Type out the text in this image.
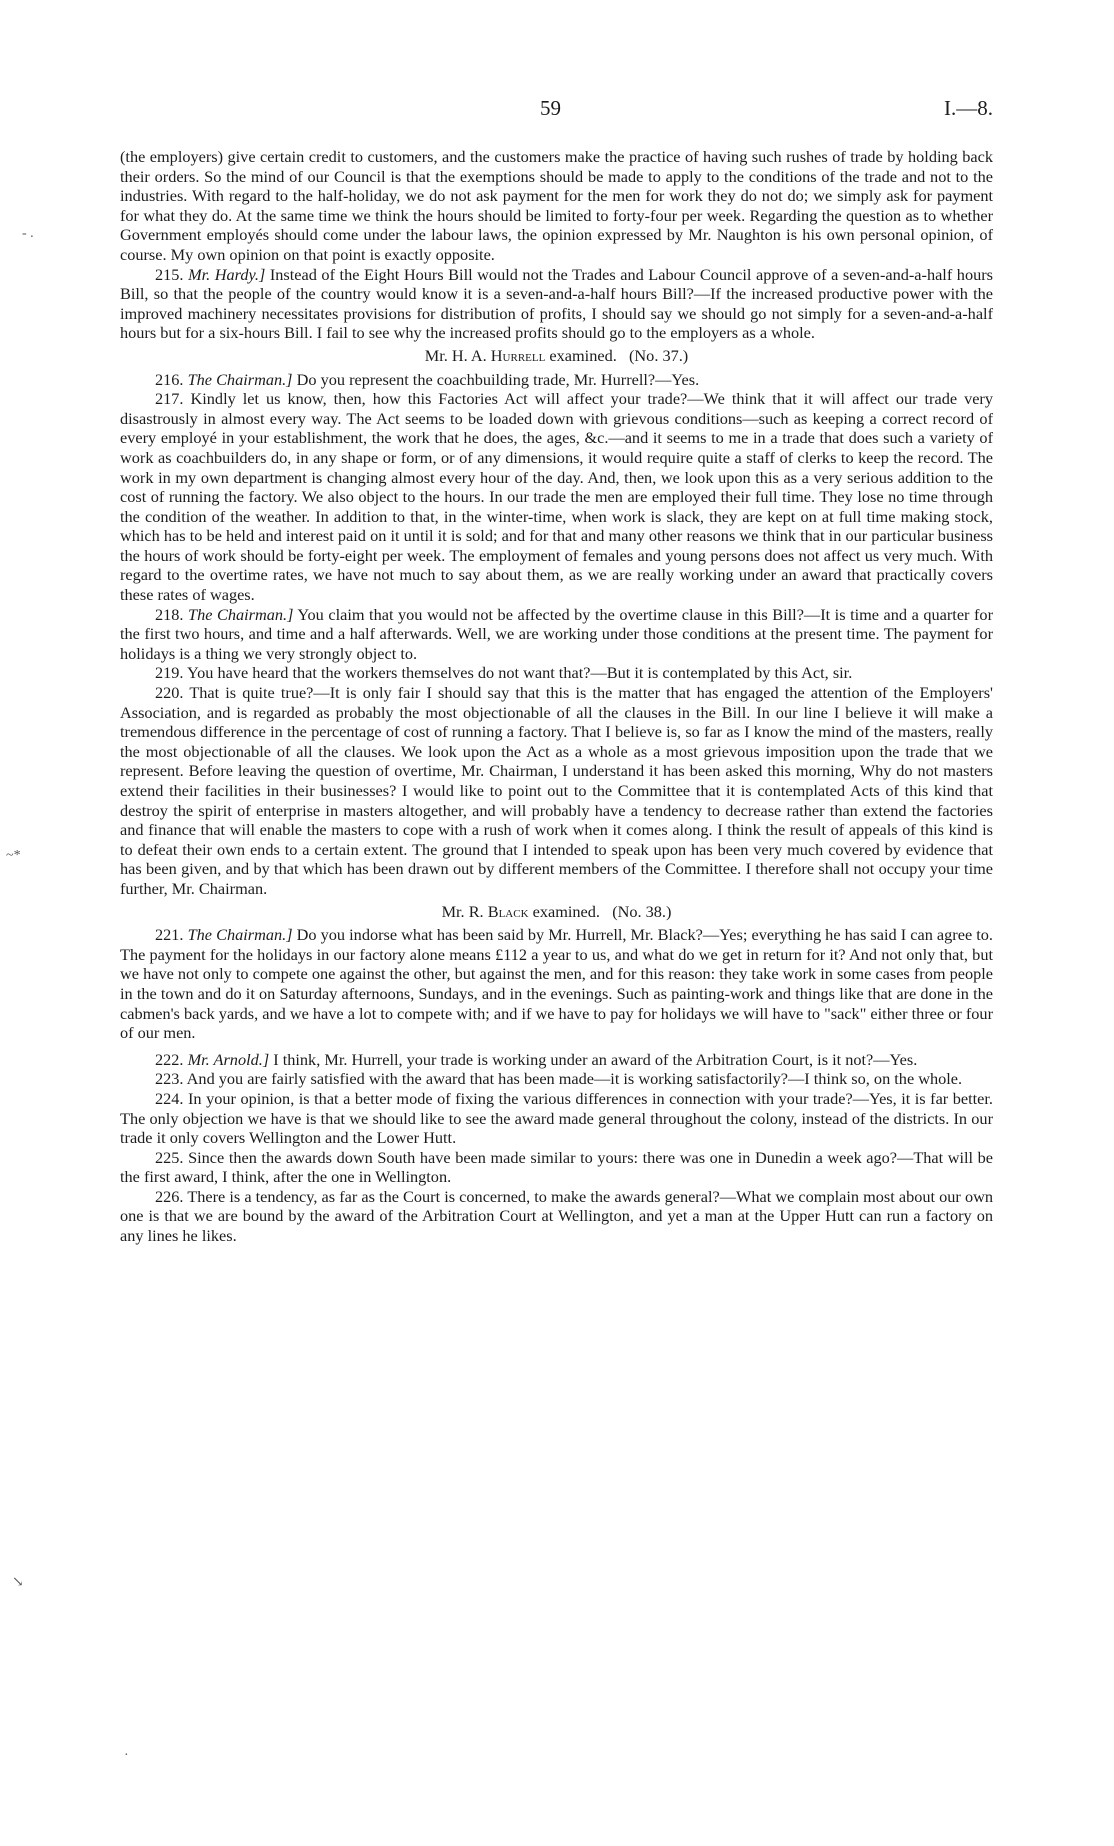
59	I.—8.
- .
~*
↘
·

(the employers) give certain credit to customers, and the customers make the practice of having such rushes of trade by holding back their orders. So the mind of our Council is that the exemptions should be made to apply to the conditions of the trade and not to the industries. With regard to the half-holiday, we do not ask payment for the men for work they do not do; we simply ask for payment for what they do. At the same time we think the hours should be limited to forty-four per week. Regarding the question as to whether Government employés should come under the labour laws, the opinion expressed by Mr. Naughton is his own personal opinion, of course. My own opinion on that point is exactly opposite.

215. Mr. Hardy.] Instead of the Eight Hours Bill would not the Trades and Labour Council approve of a seven-and-a-half hours Bill, so that the people of the country would know it is a seven-and-a-half hours Bill?—If the increased productive power with the improved machinery necessitates provisions for distribution of profits, I should say we should go not simply for a seven-and-a-half hours but for a six-hours Bill. I fail to see why the increased profits should go to the employers as a whole.

Mr. H. A. Hurrell examined. (No. 37.)

216. The Chairman.] Do you represent the coachbuilding trade, Mr. Hurrell?—Yes.

217. Kindly let us know, then, how this Factories Act will affect your trade?—We think that it will affect our trade very disastrously in almost every way. The Act seems to be loaded down with grievous conditions—such as keeping a correct record of every employé in your establishment, the work that he does, the ages, &c.—and it seems to me in a trade that does such a variety of work as coachbuilders do, in any shape or form, or of any dimensions, it would require quite a staff of clerks to keep the record. The work in my own department is changing almost every hour of the day. And, then, we look upon this as a very serious addition to the cost of running the factory. We also object to the hours. In our trade the men are employed their full time. They lose no time through the condition of the weather. In addition to that, in the winter-time, when work is slack, they are kept on at full time making stock, which has to be held and interest paid on it until it is sold; and for that and many other reasons we think that in our particular business the hours of work should be forty-eight per week. The employment of females and young persons does not affect us very much. With regard to the overtime rates, we have not much to say about them, as we are really working under an award that practically covers these rates of wages.

218. The Chairman.] You claim that you would not be affected by the overtime clause in this Bill?—It is time and a quarter for the first two hours, and time and a half afterwards. Well, we are working under those conditions at the present time. The payment for holidays is a thing we very strongly object to.

219. You have heard that the workers themselves do not want that?—But it is contemplated by this Act, sir.

220. That is quite true?—It is only fair I should say that this is the matter that has engaged the attention of the Employers' Association, and is regarded as probably the most objectionable of all the clauses in the Bill. In our line I believe it will make a tremendous difference in the percentage of cost of running a factory. That I believe is, so far as I know the mind of the masters, really the most objectionable of all the clauses. We look upon the Act as a whole as a most grievous imposition upon the trade that we represent. Before leaving the question of overtime, Mr. Chairman, I understand it has been asked this morning, Why do not masters extend their facilities in their businesses? I would like to point out to the Committee that it is contemplated Acts of this kind that destroy the spirit of enterprise in masters altogether, and will probably have a tendency to decrease rather than extend the factories and finance that will enable the masters to cope with a rush of work when it comes along. I think the result of appeals of this kind is to defeat their own ends to a certain extent. The ground that I intended to speak upon has been very much covered by evidence that has been given, and by that which has been drawn out by different members of the Committee. I therefore shall not occupy your time further, Mr. Chairman.

Mr. R. Black examined. (No. 38.)

221. The Chairman.] Do you indorse what has been said by Mr. Hurrell, Mr. Black?—Yes; everything he has said I can agree to. The payment for the holidays in our factory alone means £112 a year to us, and what do we get in return for it? And not only that, but we have not only to compete one against the other, but against the men, and for this reason: they take work in some cases from people in the town and do it on Saturday afternoons, Sundays, and in the evenings. Such as painting-work and things like that are done in the cabmen's back yards, and we have a lot to compete with; and if we have to pay for holidays we will have to "sack" either three or four of our men.

222. Mr. Arnold.] I think, Mr. Hurrell, your trade is working under an award of the Arbitration Court, is it not?—Yes.

223. And you are fairly satisfied with the award that has been made—it is working satisfactorily?—I think so, on the whole.

224. In your opinion, is that a better mode of fixing the various differences in connection with your trade?—Yes, it is far better. The only objection we have is that we should like to see the award made general throughout the colony, instead of the districts. In our trade it only covers Wellington and the Lower Hutt.

225. Since then the awards down South have been made similar to yours: there was one in Dunedin a week ago?—That will be the first award, I think, after the one in Wellington.

226. There is a tendency, as far as the Court is concerned, to make the awards general?—What we complain most about our own one is that we are bound by the award of the Arbitration Court at Wellington, and yet a man at the Upper Hutt can run a factory on any lines he likes.
